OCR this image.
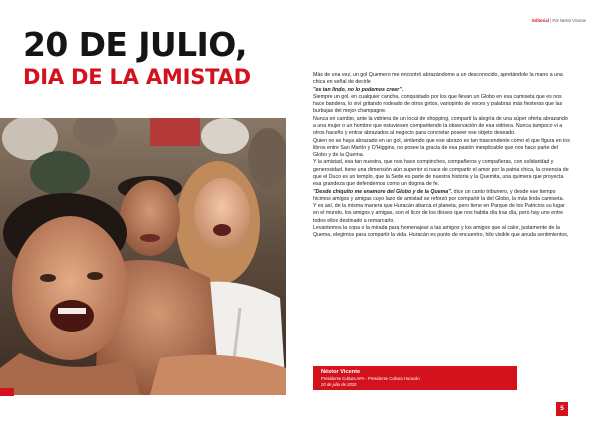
Editorial | Por Nesto Vicente
20 DE JULIO,
DIA DE LA AMISTAD	Más de una vez, un gol Quemero me encontró abrazándome a un desconocido, apretándole la mano a una chica en señal de decirle

"es tan lindo, no lo podemos creer".

Siempre un gol, en cualquier cancha, conquistado por los que llevan un Globo en esa camiseta que es nos hace bandera, lo viví gritando rodeado de otros gritos, variopinto de voces y palabras más fiesteras que las burbujas del mejor champagne.

Nunca en cambio, ante la vidriera de un local de shopping, compartí la alegría de una súper oferta abrazando a una mujer o un hombre que estuviesen compartiendo la observación de esa vidriera. Nunca tampoco vi a otros haceño y entrar abrazados al negocio para concretar poseer ese objeto deseado.

Quien no se haya abrazado en un gol, sintiendo que ese abrazo es tan trascendente como el que figura en los libros entre San Martín y O'Higgins, no posee la gracia de esa pasión inexplicable que nos hace parte del Globo y de la Quema.

Y la amistad, esa tan nuestra, que nos hace compinches, compañeros y compañeras, con solidaridad y generosidad, tiene una dimensión aún superior si nace de compartir el amor por la patria chica, la creencia de que el Duco es un templo, que la Sede es parte de nuestra historia y la Quemita, una quimera que proyecta esa grandeza que defendemos como un dogma de fe.

"Desde chiquito me enamore del Globo y de la Quema". dice un canto tribunero, y desde ese tiempo hicimos amigos y amigas cuyo lazo de amistad se reforzó por compartir la del Globo, la más linda camiseta.

Y es así, de la misma manera que Huracán abarca el planeta, pero tiene en Parque de los Patricios su lugar en el mundo, los amigos y amigas, son el licor de los dioses que nos habita día tras día, pero hay uno entre todos ellos destinado a remarcarlo.

Levantemos la copa o la mirada para homenajear a las amigos y los amigos que al calor, justamente de la Quema, elegimos para compartir la vida. Huracán es punto de encuentro, hilo visible que anuda sentimientos,

Néstor Vicente
Presidente Cultura AFA - Presidente Cultura Huracán
20 de julio de 2020
5
